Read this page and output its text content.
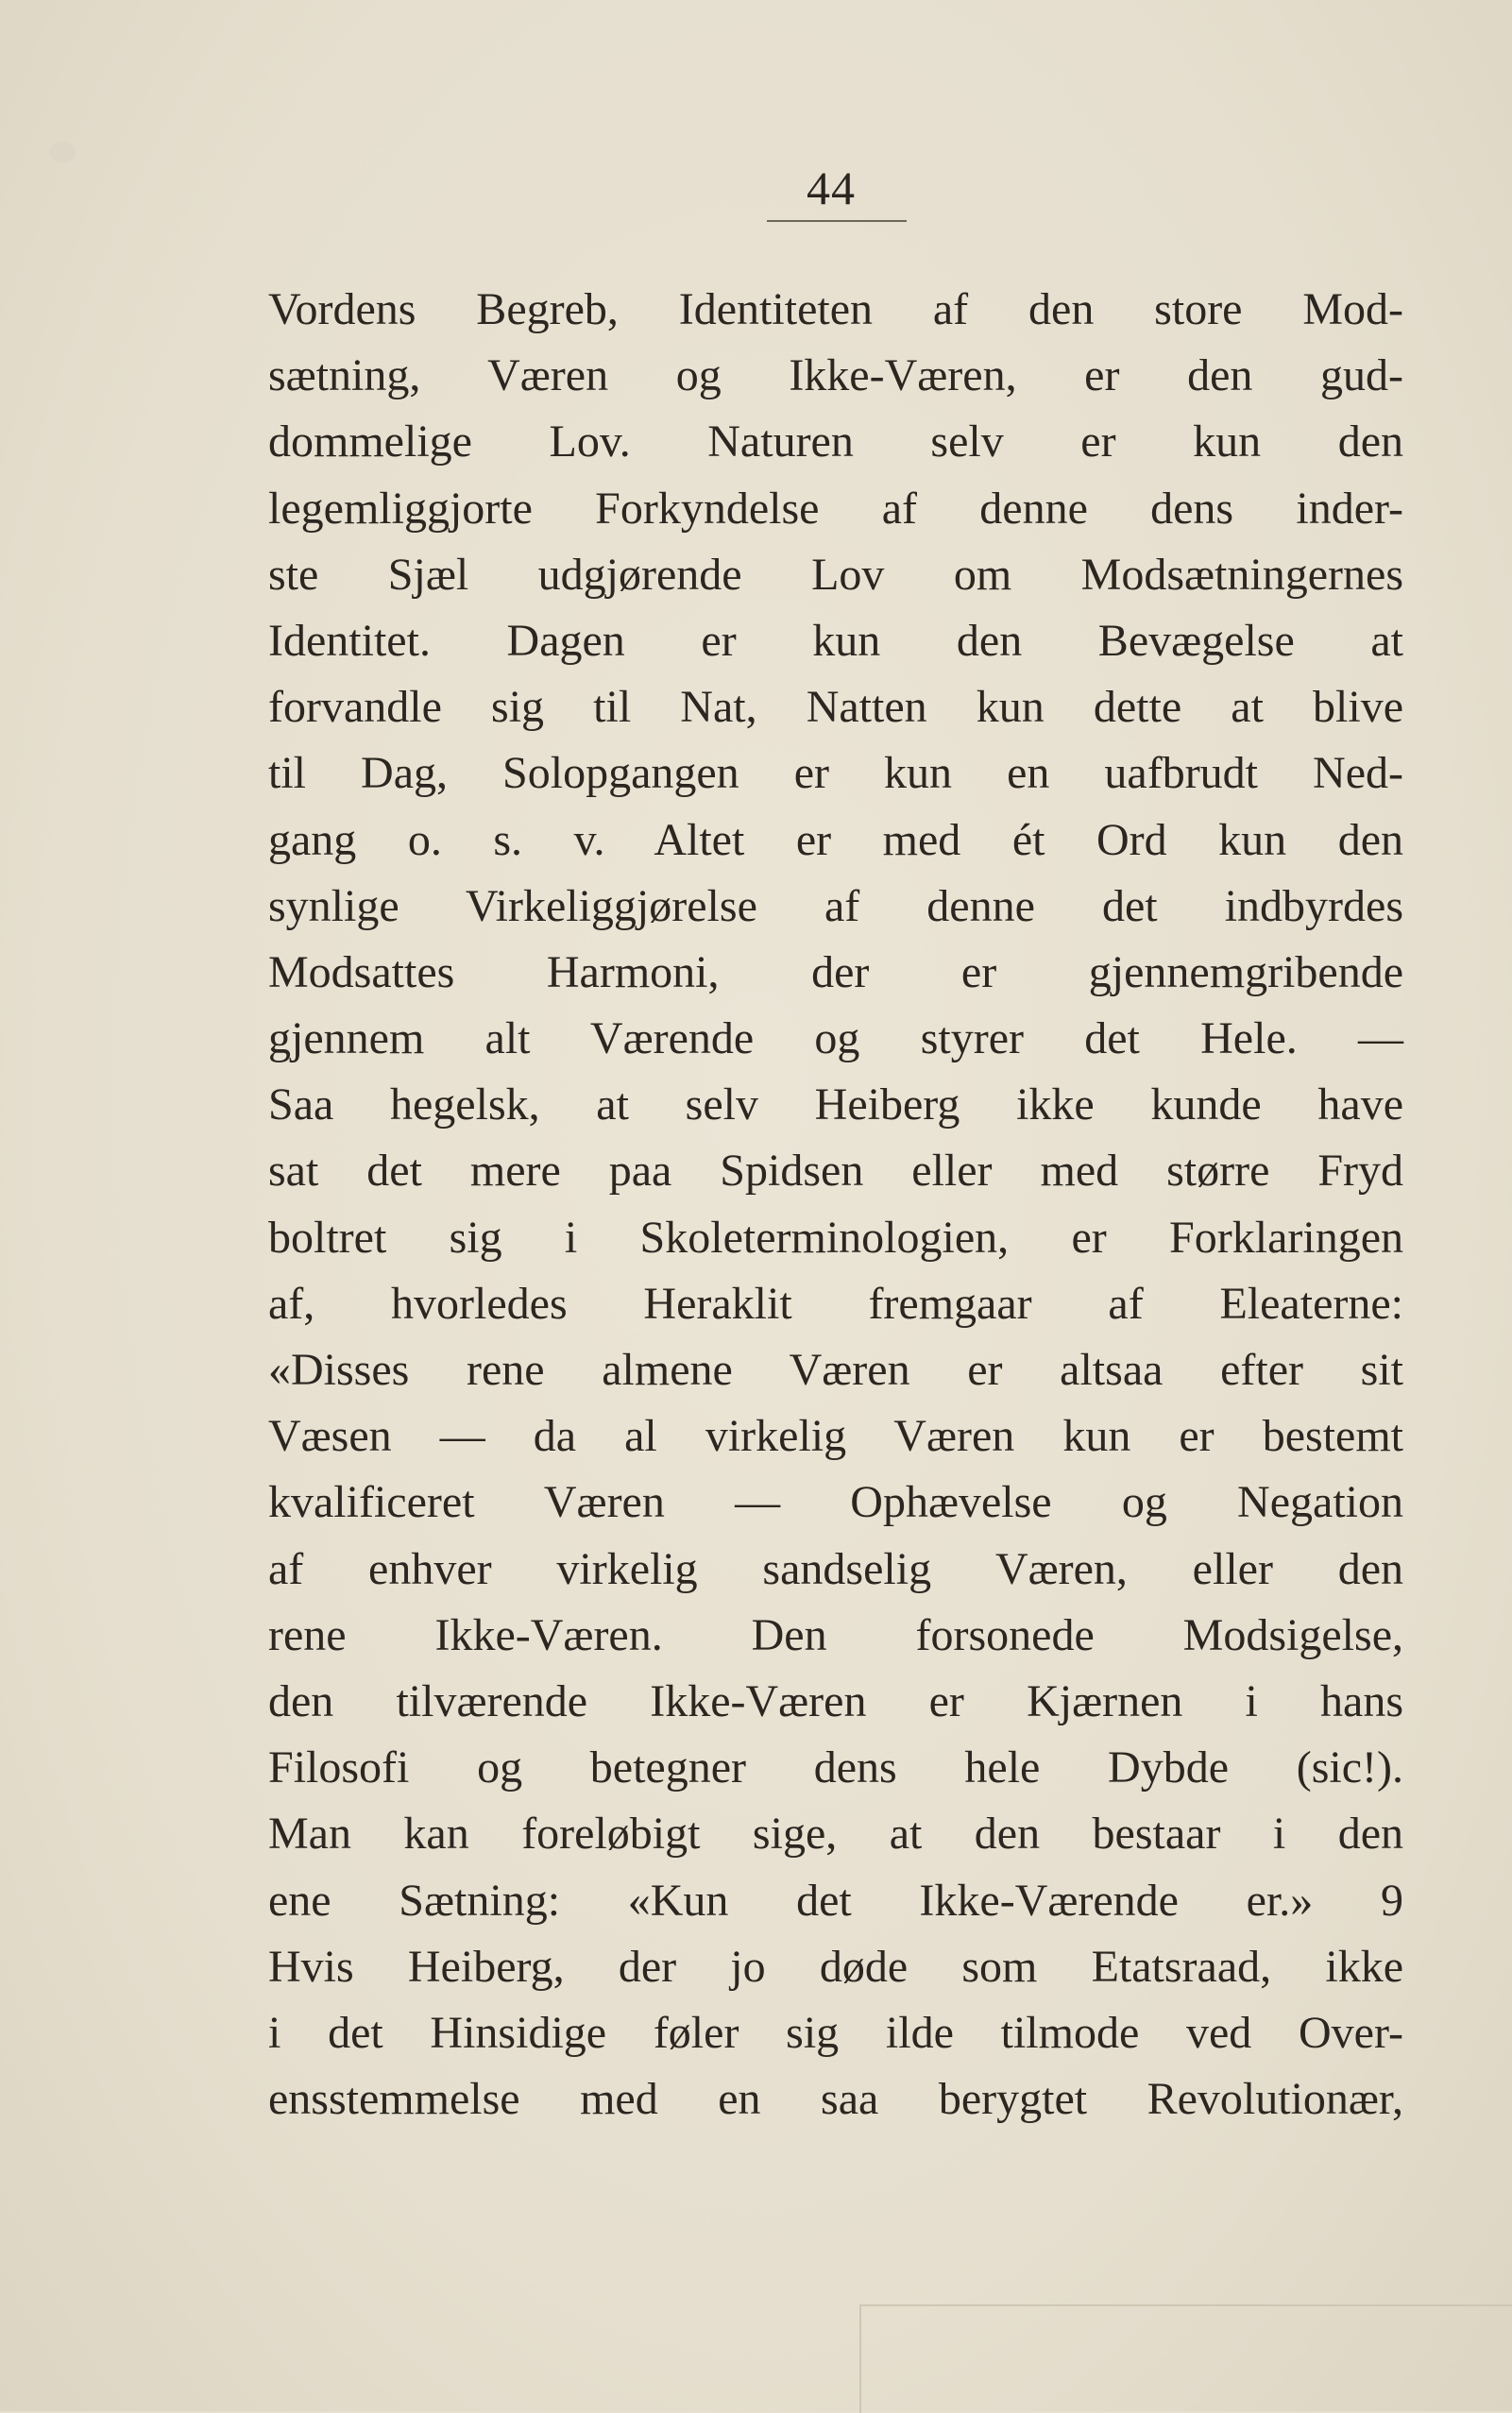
44
Vordens Begreb, Identiteten af den store Mod-
sætning, Væren og Ikke-Væren, er den gud-
dommelige Lov. Naturen selv er kun den
legemliggjorte Forkyndelse af denne dens inder-
ste Sjæl udgjørende Lov om Modsætningernes
Identitet. Dagen er kun den Bevægelse at
forvandle sig til Nat, Natten kun dette at blive
til Dag, Solopgangen er kun en uafbrudt Ned-
gang o. s. v. Altet er med ét Ord kun den
synlige Virkeliggjørelse af denne det indbyrdes
Modsattes Harmoni, der er gjennemgribende
gjennem alt Værende og styrer det Hele. —
Saa hegelsk, at selv Heiberg ikke kunde have
sat det mere paa Spidsen eller med større Fryd
boltret sig i Skoleterminologien, er Forklaringen
af, hvorledes Heraklit fremgaar af Eleaterne:
«Disses rene almene Væren er altsaa efter sit
Væsen — da al virkelig Væren kun er bestemt
kvalificeret Væren — Ophævelse og Negation
af enhver virkelig sandselig Væren, eller den
rene Ikke-Væren. Den forsonede Modsigelse,
den tilværende Ikke-Væren er Kjærnen i hans
Filosofi og betegner dens hele Dybde (sic!).
Man kan foreløbigt sige, at den bestaar i den
ene Sætning: «Kun det Ikke-Værende er.» 9
Hvis Heiberg, der jo døde som Etatsraad, ikke
i det Hinsidige føler sig ilde tilmode ved Over-
ensstemmelse med en saa berygtet Revolutionær,
